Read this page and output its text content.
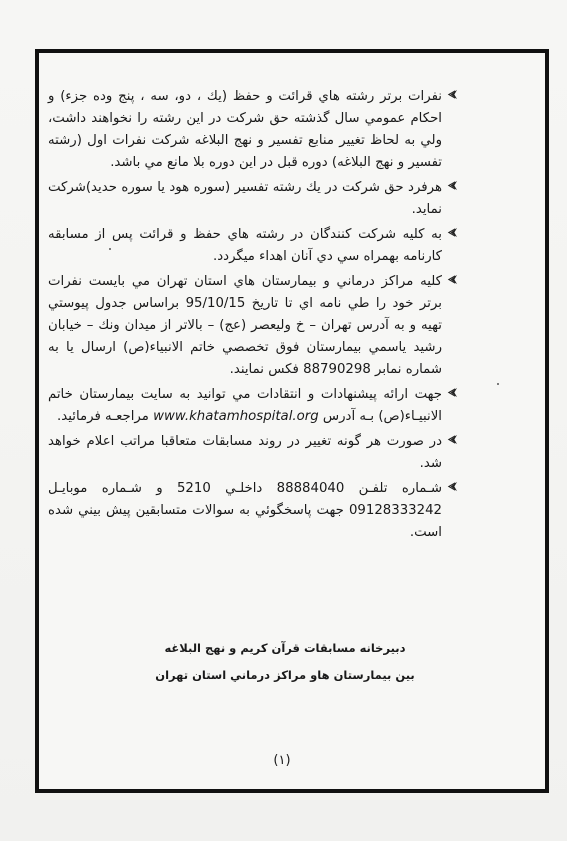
نفرات برتر رشته هاي قرائت و حفظ (يك ، دو، سه ، پنج وده جزء) و احكام عمومي سال گذشته حق شركت در اين رشته را نخواهند داشت، ولي به لحاظ تغيير منابع تفسير و نهج البلاغه شركت نفرات اول (رشته تفسير و نهج البلاغه) دوره قبل در اين دوره بلا مانع مي باشد.
هرفرد حق شركت در يك رشته تفسير (سوره هود يا سوره حديد)شركت نمايد.
به كليه شركت كنندگان در رشته هاي حفظ و قرائت پس از مسابقه كارنامه بهمراه سي دي آنان اهداء ميگردد.
كليه مراكز درماني و بيمارستان هاي استان تهران مي بايست نفرات برتر خود را طي نامه اي تا تاريخ 95/10/15 براساس جدول پيوستي تهيه و به آدرس تهران – خ وليعصر (عج) – بالاتر از ميدان ونك – خيابان رشيد ياسمي بيمارستان فوق تخصصي خاتم الانبياء(ص) ارسال يا به شماره نمابر 88790298 فكس نمايند.
جهت ارائه پيشنهادات و انتقادات مي توانيد به سايت بيمارستان خاتم الانبيـاء(ص) بـه آدرس www.khatamhospital.org مراجعـه فرمائيد.
در صورت هر گونه تغيير در روند مسابقات متعاقبا مراتب اعلام خواهد شد.
شـماره تلفـن 88884040 داخلـي 5210 و شـماره موبايـل 09128333242 جهت پاسخگوئي به سوالات متسابقين پيش بيني شده است.
دبيرخانه مسابقات قرآن كريم و نهج البلاغه
بين بيمارستان هاو مراكز درماني استان تهران
(۱)
